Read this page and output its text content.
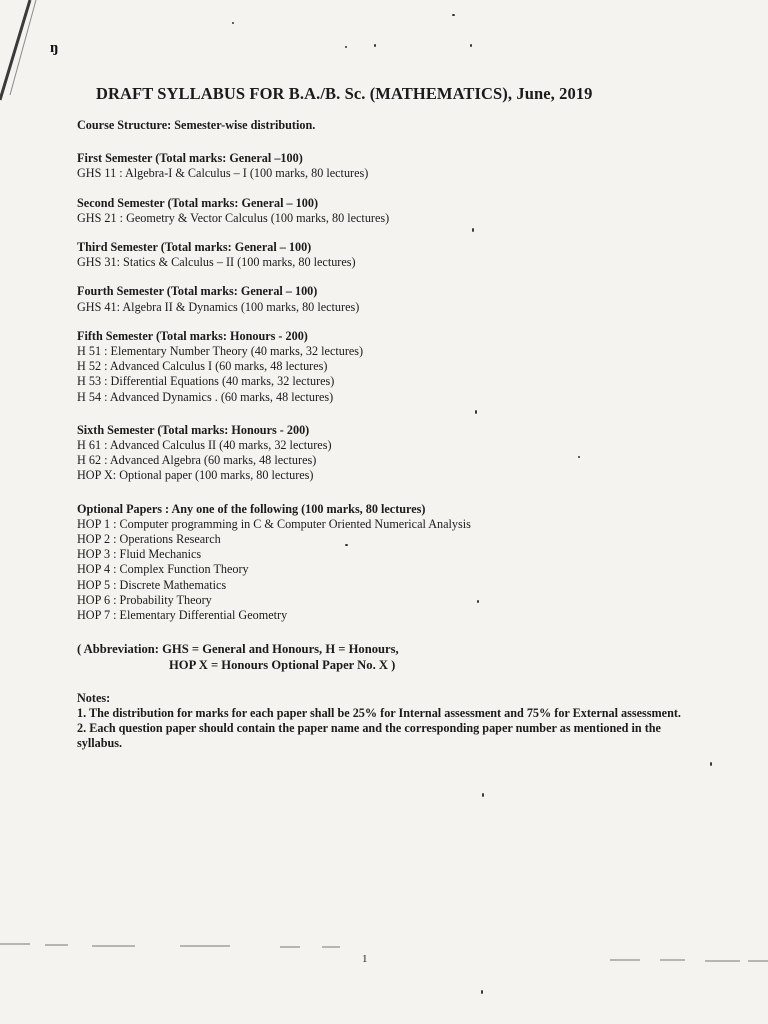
ŋ
DRAFT SYLLABUS FOR B.A./B. Sc. (MATHEMATICS), June, 2019
Course Structure: Semester-wise distribution.
First Semester (Total marks: General –100)
GHS 11 : Algebra-I & Calculus – I (100 marks, 80 lectures)
Second Semester (Total marks: General – 100)
GHS 21 : Geometry & Vector Calculus (100 marks, 80 lectures)
Third Semester (Total marks: General – 100)
GHS 31: Statics & Calculus – II (100 marks, 80 lectures)
Fourth Semester (Total marks: General – 100)
GHS 41: Algebra II & Dynamics (100 marks, 80 lectures)
Fifth Semester (Total marks: Honours - 200)
H 51 : Elementary Number Theory (40 marks, 32 lectures)
H 52 : Advanced Calculus I (60 marks, 48 lectures)
H 53 : Differential Equations (40 marks, 32 lectures)
H 54 : Advanced Dynamics . (60 marks, 48 lectures)
Sixth Semester (Total marks: Honours - 200)
H 61 : Advanced Calculus II (40 marks, 32 lectures)
H 62 : Advanced Algebra (60 marks, 48 lectures)
HOP X: Optional paper (100 marks, 80 lectures)
Optional Papers : Any one of the following (100 marks, 80 lectures)
HOP 1 : Computer programming in C & Computer Oriented Numerical Analysis
HOP 2 : Operations Research
HOP 3 : Fluid Mechanics
HOP 4 : Complex Function Theory
HOP 5 : Discrete Mathematics
HOP 6 : Probability Theory
HOP 7 : Elementary Differential Geometry
( Abbreviation: GHS = General and Honours, H = Honours,
HOP X = Honours Optional Paper No. X )
Notes:
1. The distribution for marks for each paper shall be 25% for Internal assessment and 75% for External assessment.
2. Each question paper should contain the paper name and the corresponding paper number as mentioned in the syllabus.
1
